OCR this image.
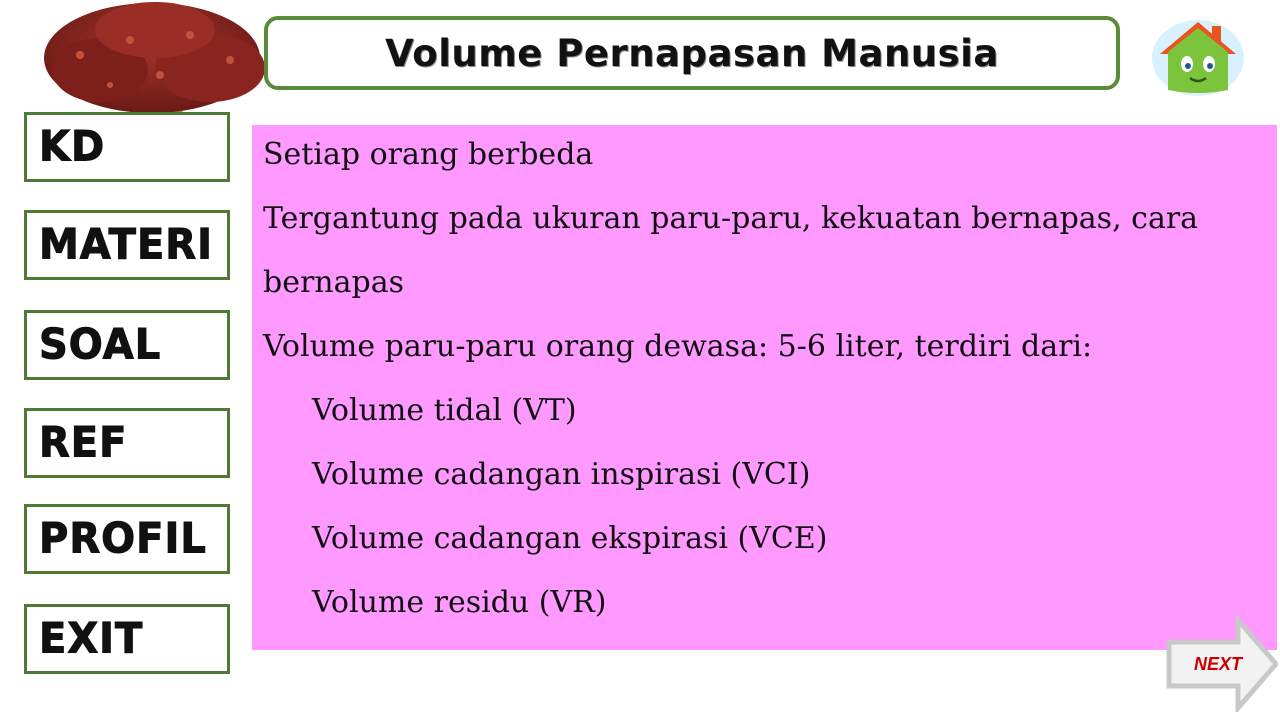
Volume Pernapasan Manusia
KD
MATERI
SOAL
REF
PROFIL
EXIT
Setiap orang berbeda
Tergantung pada ukuran paru-paru, kekuatan bernapas, cara
bernapas
Volume paru-paru orang dewasa: 5-6 liter, terdiri dari:
Volume tidal (VT)
Volume cadangan inspirasi (VCI)
Volume cadangan ekspirasi (VCE)
Volume residu (VR)
NEXT
